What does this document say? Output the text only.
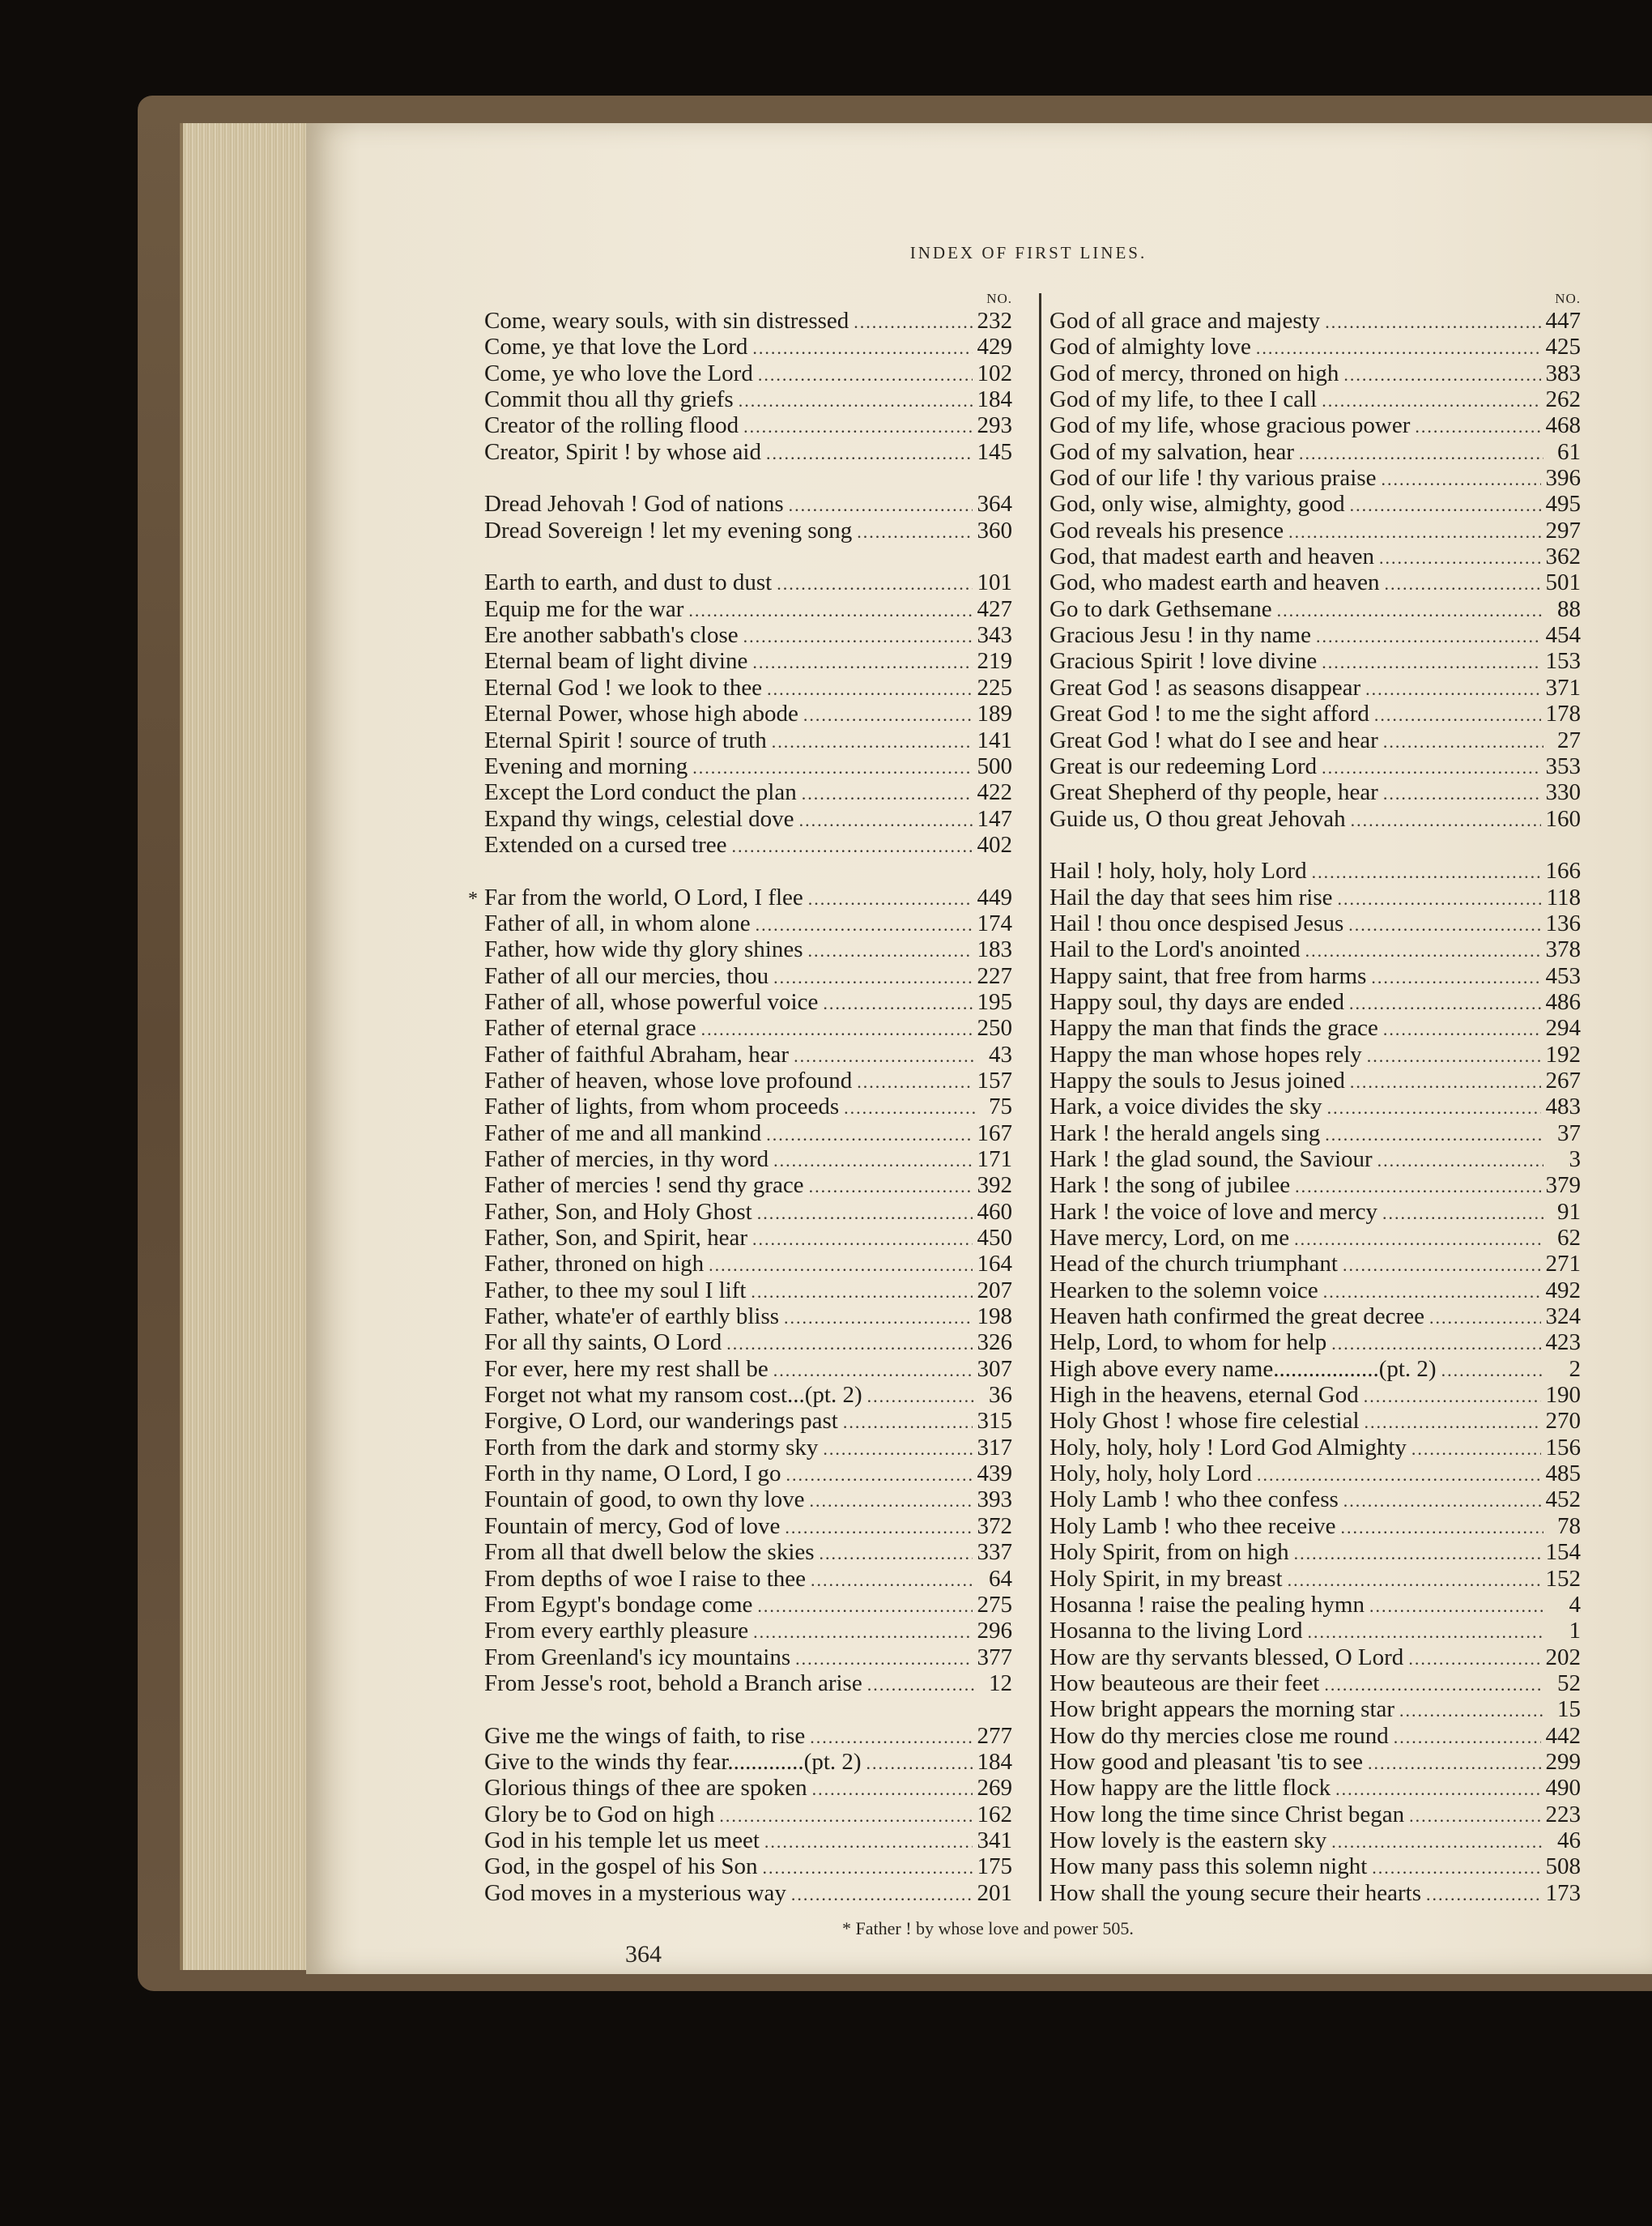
INDEX OF FIRST LINES.
NO.
Come, weary souls, with sin distressed .....	232
Come, ye that love the Lord .....	429
Come, ye who love the Lord .....	102
Commit thou all thy griefs .....	184
Creator of the rolling flood .....	293
Creator, Spirit ! by whose aid .....	145
Dread Jehovah ! God of nations .....	364
Dread Sovereign ! let my evening song .....	360
Earth to earth, and dust to dust .....	101
Equip me for the war .....	427
Ere another sabbath's close .....	343
Eternal beam of light divine .....	219
Eternal God ! we look to thee .....	225
Eternal Power, whose high abode .....	189
Eternal Spirit ! source of truth .....	141
Evening and morning .....	500
Except the Lord conduct the plan .....	422
Expand thy wings, celestial dove .....	147
Extended on a cursed tree .....	402
* Far from the world, O Lord, I flee .....	449
Father of all, in whom alone .....	174
Father, how wide thy glory shines .....	183
Father of all our mercies, thou .....	227
Father of all, whose powerful voice .....	195
Father of eternal grace .....	250
Father of faithful Abraham, hear .....	43
Father of heaven, whose love profound .....	157
Father of lights, from whom proceeds .....	75
Father of me and all mankind .....	167
Father of mercies, in thy word .....	171
Father of mercies ! send thy grace .....	392
Father, Son, and Holy Ghost .....	460
Father, Son, and Spirit, hear .....	450
Father, throned on high .....	164
Father, to thee my soul I lift .....	207
Father, whate'er of earthly bliss .....	198
For all thy saints, O Lord .....	326
For ever, here my rest shall be .....	307
Forget not what my ransom cost...(pt. 2) .....	36
Forgive, O Lord, our wanderings past .....	315
Forth from the dark and stormy sky .....	317
Forth in thy name, O Lord, I go .....	439
Fountain of good, to own thy love .....	393
Fountain of mercy, God of love .....	372
From all that dwell below the skies .....	337
From depths of woe I raise to thee .....	64
From Egypt's bondage come .....	275
From every earthly pleasure .....	296
From Greenland's icy mountains .....	377
From Jesse's root, behold a Branch arise .....	12
Give me the wings of faith, to rise .....	277
Give to the winds thy fear.............(pt. 2) .....	184
Glorious things of thee are spoken .....	269
Glory be to God on high .....	162
God in his temple let us meet .....	341
God, in the gospel of his Son .....	175
God moves in a mysterious way .....	201
NO.
God of all grace and majesty .....	447
God of almighty love .....	425
God of mercy, throned on high .....	383
God of my life, to thee I call .....	262
God of my life, whose gracious power .....	468
God of my salvation, hear .....	61
God of our life ! thy various praise .....	396
God, only wise, almighty, good .....	495
God reveals his presence .....	297
God, that madest earth and heaven .....	362
God, who madest earth and heaven .....	501
Go to dark Gethsemane .....	88
Gracious Jesu ! in thy name .....	454
Gracious Spirit ! love divine .....	153
Great God ! as seasons disappear .....	371
Great God ! to me the sight afford .....	178
Great God ! what do I see and hear .....	27
Great is our redeeming Lord .....	353
Great Shepherd of thy people, hear .....	330
Guide us, O thou great Jehovah .....	160
Hail ! holy, holy, holy Lord .....	166
Hail the day that sees him rise .....	118
Hail ! thou once despised Jesus .....	136
Hail to the Lord's anointed .....	378
Happy saint, that free from harms .....	453
Happy soul, thy days are ended .....	486
Happy the man that finds the grace .....	294
Happy the man whose hopes rely .....	192
Happy the souls to Jesus joined .....	267
Hark, a voice divides the sky .....	483
Hark ! the herald angels sing .....	37
Hark ! the glad sound, the Saviour .....	3
Hark ! the song of jubilee .....	379
Hark ! the voice of love and mercy .....	91
Have mercy, Lord, on me .....	62
Head of the church triumphant .....	271
Hearken to the solemn voice .....	492
Heaven hath confirmed the great decree .....	324
Help, Lord, to whom for help .....	423
High above every name..................(pt. 2) .....	2
High in the heavens, eternal God .....	190
Holy Ghost ! whose fire celestial .....	270
Holy, holy, holy ! Lord God Almighty .....	156
Holy, holy, holy Lord .....	485
Holy Lamb ! who thee confess .....	452
Holy Lamb ! who thee receive .....	78
Holy Spirit, from on high .....	154
Holy Spirit, in my breast .....	152
Hosanna ! raise the pealing hymn .....	4
Hosanna to the living Lord .....	1
How are thy servants blessed, O Lord .....	202
How beauteous are their feet .....	52
How bright appears the morning star .....	15
How do thy mercies close me round .....	442
How good and pleasant 'tis to see .....	299
How happy are the little flock .....	490
How long the time since Christ began .....	223
How lovely is the eastern sky .....	46
How many pass this solemn night .....	508
How shall the young secure their hearts .....	173
* Father ! by whose love and power 505.
364
